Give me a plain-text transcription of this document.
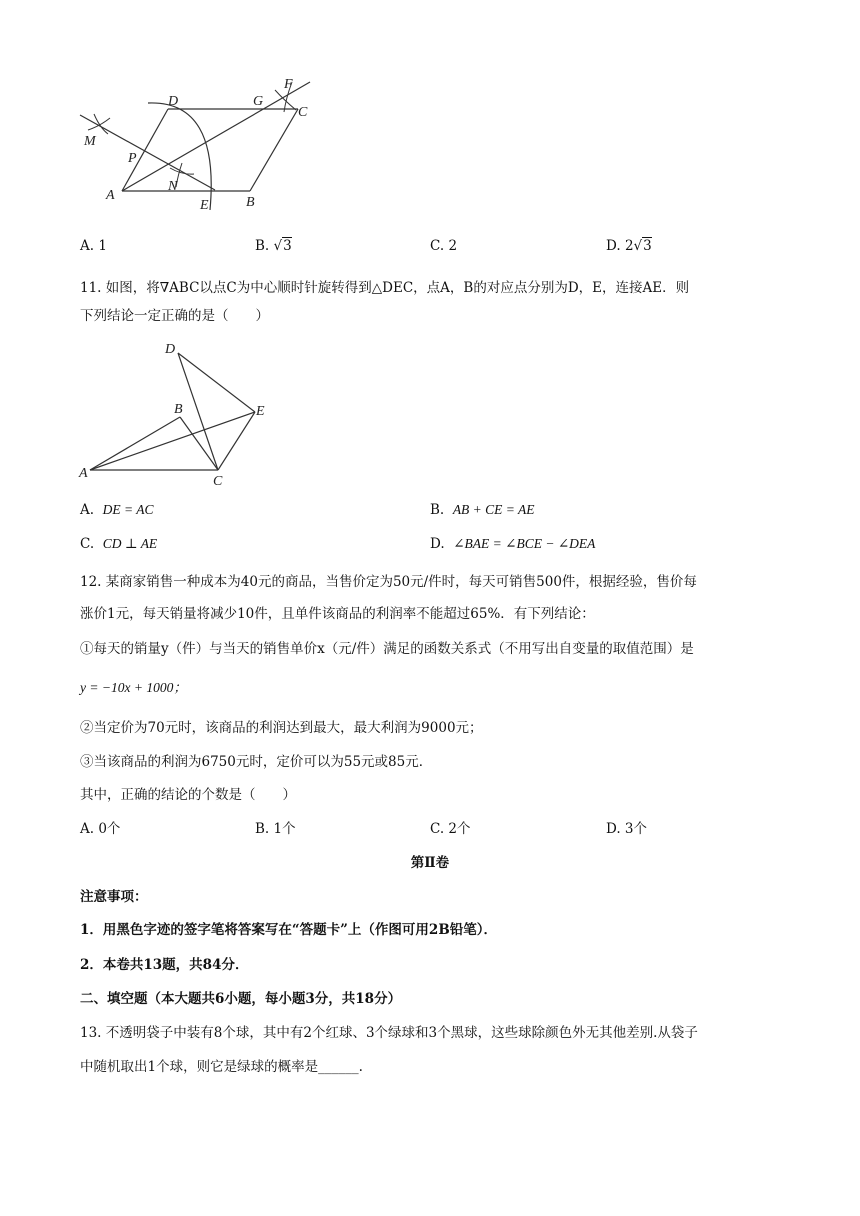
D	G
F
C
M
P
N
A
E	B
A. 1	B. √3	C. 2	D. 2√3
11. 如图，将∇ABC以点C为中心顺时针旋转得到△DEC，点A，B的对应点分别为D，E，连接AE．则
下列结论一定正确的是（　　）
D
B	E
A
C
A. DE = AC	B. AB + CE = AE
C. CD ⊥ AE	D. ∠BAE = ∠BCE − ∠DEA
12. 某商家销售一种成本为40元的商品，当售价定为50元/件时，每天可销售500件，根据经验，售价每
涨价1元，每天销量将减少10件，且单件该商品的利润率不能超过65%．有下列结论：
①每天的销量y（件）与当天的销售单价x（元/件）满足的函数关系式（不用写出自变量的取值范围）是
y = −10x + 1000；
②当定价为70元时，该商品的利润达到最大，最大利润为9000元；
③当该商品的利润为6750元时，定价可以为55元或85元．
其中，正确的结论的个数是（　　）
A. 0个	B. 1个	C. 2个	D. 3个
第Ⅱ卷
注意事项：
1．用黑色字迹的签字笔将答案写在“答题卡”上（作图可用2B铅笔）．
2．本卷共13题，共84分．
二、填空题（本大题共6小题，每小题3分，共18分）
13. 不透明袋子中装有8个球，其中有2个红球、3个绿球和3个黑球，这些球除颜色外无其他差别.从袋子
中随机取出1个球，则它是绿球的概率是______.
